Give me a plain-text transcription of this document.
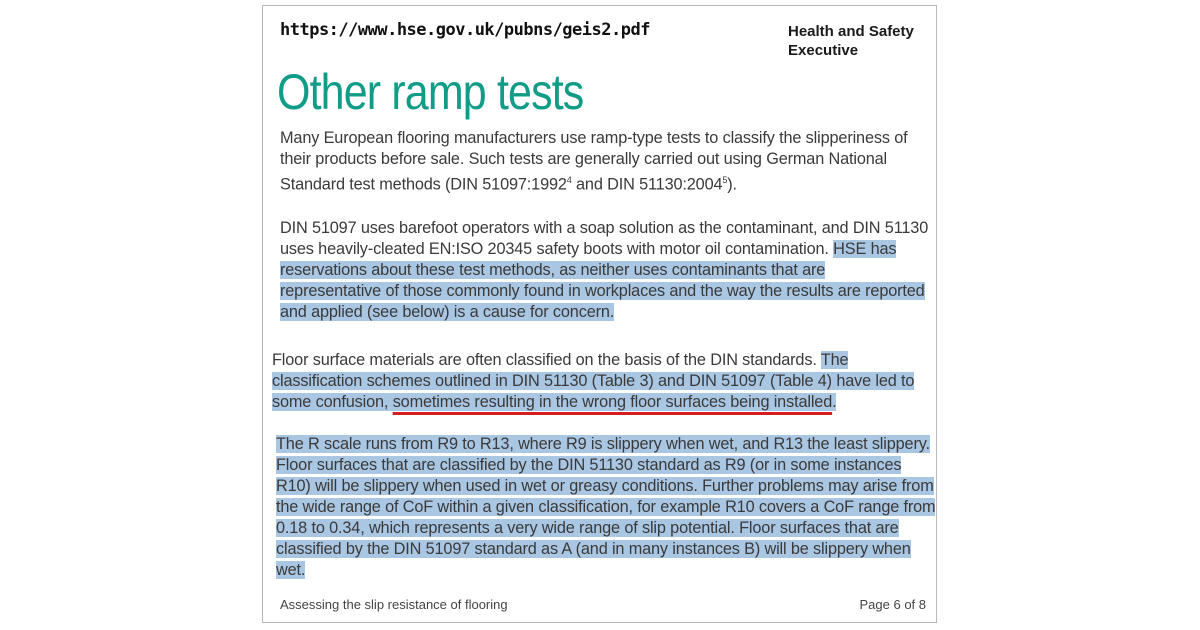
https://www.hse.gov.uk/pubns/geis2.pdf	Health and Safety
Executive
Other ramp tests

Many European flooring manufacturers use ramp-type tests to classify the slipperiness of their products before sale. Such tests are generally carried out using German National Standard test methods (DIN 51097:1992$^4$ and DIN 51130:2004$^5$).

DIN 51097 uses barefoot operators with a soap solution as the contaminant, and DIN 51130 uses heavily-cleated EN:ISO 20345 safety boots with motor oil contamination. HSE has reservations about these test methods, as neither uses contaminants that are representative of those commonly found in workplaces and the way the results are reported and applied (see below) is a cause for concern.

Floor surface materials are often classified on the basis of the DIN standards. The classification schemes outlined in DIN 51130 (Table 3) and DIN 51097 (Table 4) have led to some confusion, sometimes resulting in the wrong floor surfaces being installed.

The R scale runs from R9 to R13, where R9 is slippery when wet, and R13 the least slippery. Floor surfaces that are classified by the DIN 51130 standard as R9 (or in some instances R10) will be slippery when used in wet or greasy conditions. Further problems may arise from the wide range of CoF within a given classification, for example R10 covers a CoF range from 0.18 to 0.34, which represents a very wide range of slip potential. Floor surfaces that are classified by the DIN 51097 standard as A (and in many instances B) will be slippery when wet.

Assessing the slip resistance of flooring	Page 6 of 8
